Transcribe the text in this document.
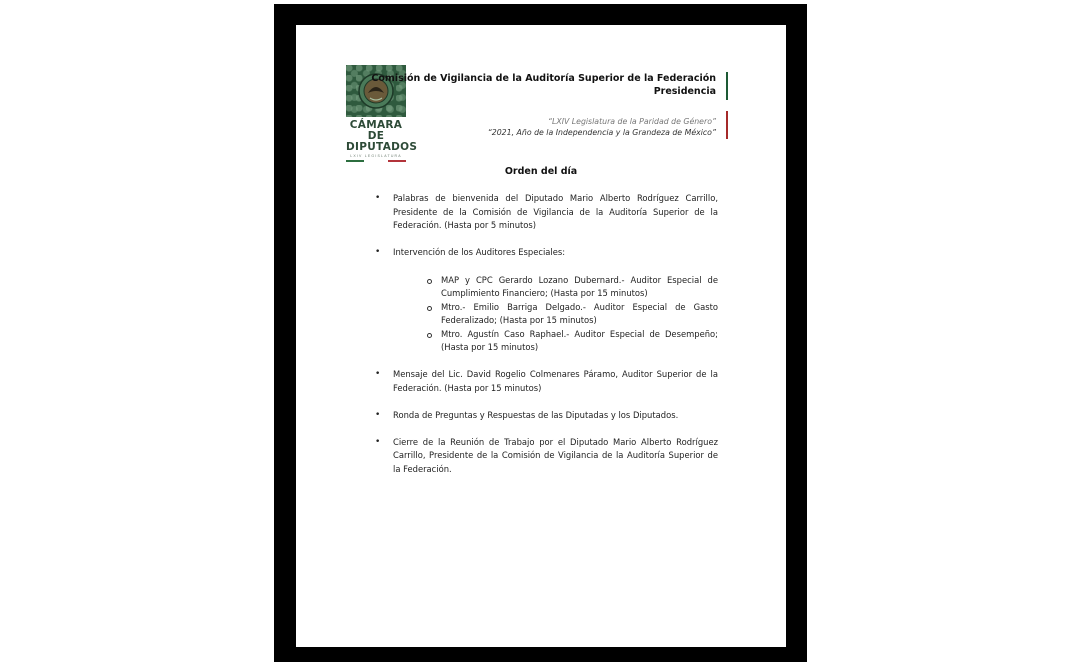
CÁMARA DE
DIPUTADOS
LXIV LEGISLATURA
Comisión de Vigilancia de la Auditoría Superior de la Federación
Presidencia
“LXIV Legislatura de la Paridad de Género”
“2021, Año de la Independencia y la Grandeza de México”
Orden del día
• Palabras de bienvenida del Diputado Mario Alberto Rodríguez Carrillo, Presidente de la Comisión de Vigilancia de la Auditoría Superior de la Federación. (Hasta por 5 minutos)
• Intervención de los Auditores Especiales:
MAP y CPC Gerardo Lozano Dubernard.- Auditor Especial de Cumplimiento Financiero; (Hasta por 15 minutos)
Mtro.- Emilio Barriga Delgado.- Auditor Especial de Gasto Federalizado; (Hasta por 15 minutos)
Mtro. Agustín Caso Raphael.- Auditor Especial de Desempeño; (Hasta por 15 minutos)
• Mensaje del Lic. David Rogelio Colmenares Páramo, Auditor Superior de la Federación. (Hasta por 15 minutos)
• Ronda de Preguntas y Respuestas de las Diputadas y los Diputados.
• Cierre de la Reunión de Trabajo por el Diputado Mario Alberto Rodríguez Carrillo, Presidente de la Comisión de Vigilancia de la Auditoría Superior de la Federación.
